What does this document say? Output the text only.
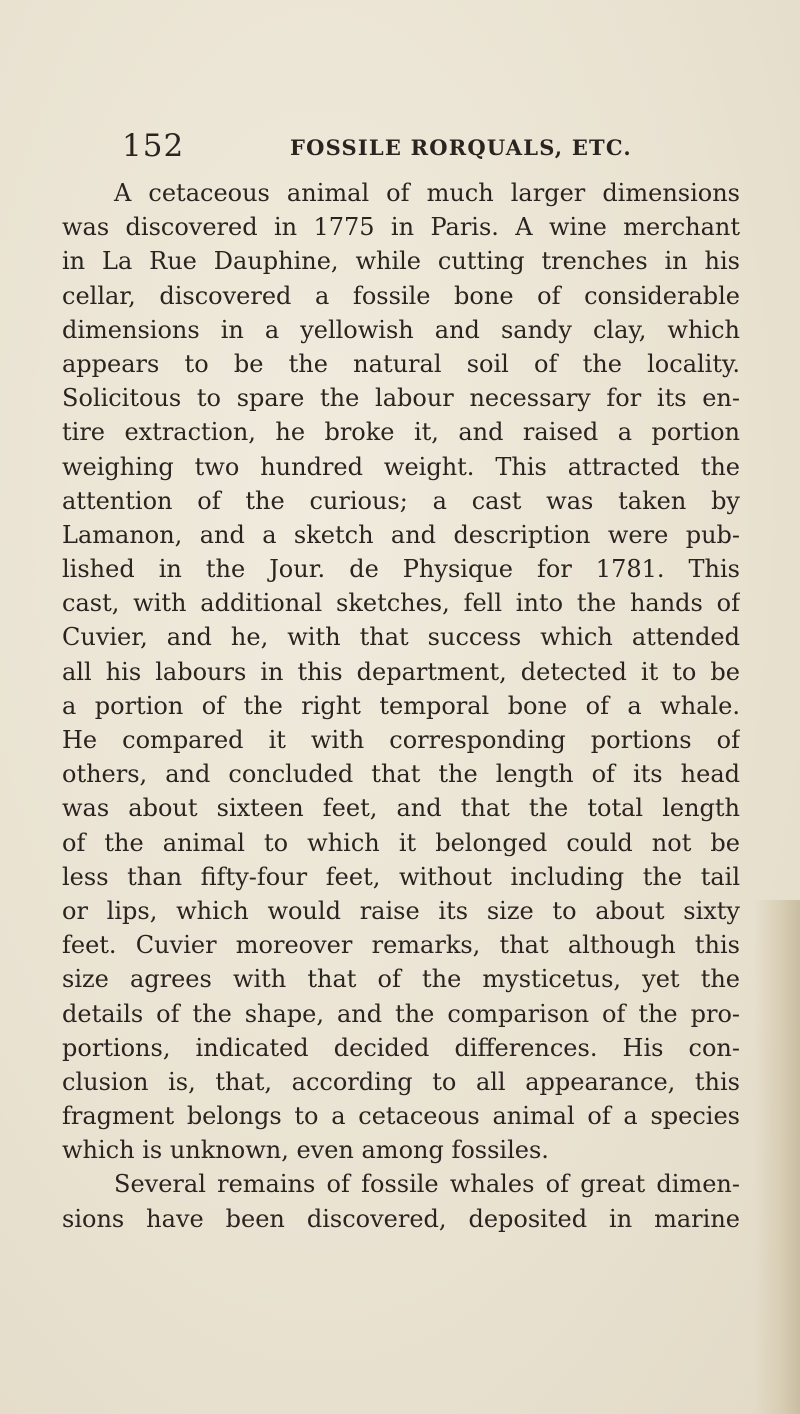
152	FOSSILE RORQUALS, ETC.
A cetaceous animal of much larger dimensions
was discovered in 1775 in Paris. A wine merchant
in La Rue Dauphine, while cutting trenches in his
cellar, discovered a fossile bone of considerable
dimensions in a yellowish and sandy clay, which
appears to be the natural soil of the locality.
Solicitous to spare the labour necessary for its en-
tire extraction, he broke it, and raised a portion
weighing two hundred weight. This attracted the
attention of the curious; a cast was taken by
Lamanon, and a sketch and description were pub-
lished in the Jour. de Physique for 1781. This
cast, with additional sketches, fell into the hands of
Cuvier, and he, with that success which attended
all his labours in this department, detected it to be
a portion of the right temporal bone of a whale.
He compared it with corresponding portions of
others, and concluded that the length of its head
was about sixteen feet, and that the total length
of the animal to which it belonged could not be
less than fifty-four feet, without including the tail
or lips, which would raise its size to about sixty
feet. Cuvier moreover remarks, that although this
size agrees with that of the mysticetus, yet the
details of the shape, and the comparison of the pro-
portions, indicated decided differences. His con-
clusion is, that, according to all appearance, this
fragment belongs to a cetaceous animal of a species
which is unknown, even among fossiles.
Several remains of fossile whales of great dimen-
sions have been discovered, deposited in marine
